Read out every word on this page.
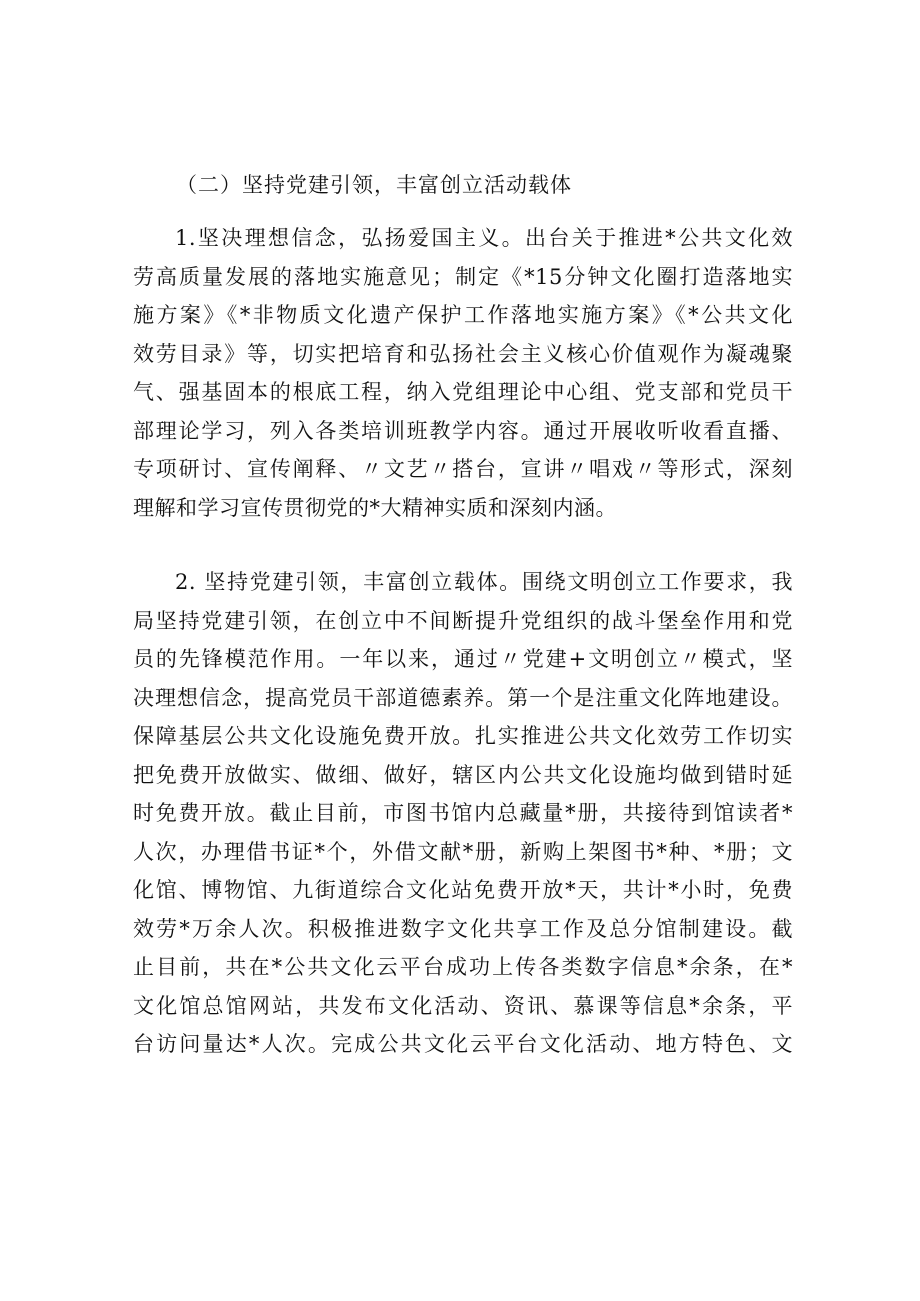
（二）坚持党建引领，丰富创立活动载体
1.坚决理想信念，弘扬爱国主义。出台关于推进*公共文化效
劳高质量发展的落地实施意见；制定《*15分钟文化圈打造落地实
施方案》《*非物质文化遗产保护工作落地实施方案》《*公共文化
效劳目录》等，切实把培育和弘扬社会主义核心价值观作为凝魂聚
气、强基固本的根底工程，纳入党组理论中心组、党支部和党员干
部理论学习，列入各类培训班教学内容。通过开展收听收看直播、
专项研讨、宣传阐释、〃文艺〃搭台，宣讲〃唱戏〃等形式，深刻
理解和学习宣传贯彻党的*大精神实质和深刻内涵。
2. 坚持党建引领，丰富创立载体。围绕文明创立工作要求，我
局坚持党建引领，在创立中不间断提升党组织的战斗堡垒作用和党
员的先锋模范作用。一年以来，通过〃党建+文明创立〃模式，坚
决理想信念，提高党员干部道德素养。第一个是注重文化阵地建设。
保障基层公共文化设施免费开放。扎实推进公共文化效劳工作切实
把免费开放做实、做细、做好，辖区内公共文化设施均做到错时延
时免费开放。截止目前，市图书馆内总藏量*册，共接待到馆读者*
人次，办理借书证*个，外借文献*册，新购上架图书*种、*册；文
化馆、博物馆、九街道综合文化站免费开放*天，共计*小时，免费
效劳*万余人次。积极推进数字文化共享工作及总分馆制建设。截
止目前，共在*公共文化云平台成功上传各类数字信息*余条，在*
文化馆总馆网站，共发布文化活动、资讯、慕课等信息*余条，平
台访问量达*人次。完成公共文化云平台文化活动、地方特色、文
